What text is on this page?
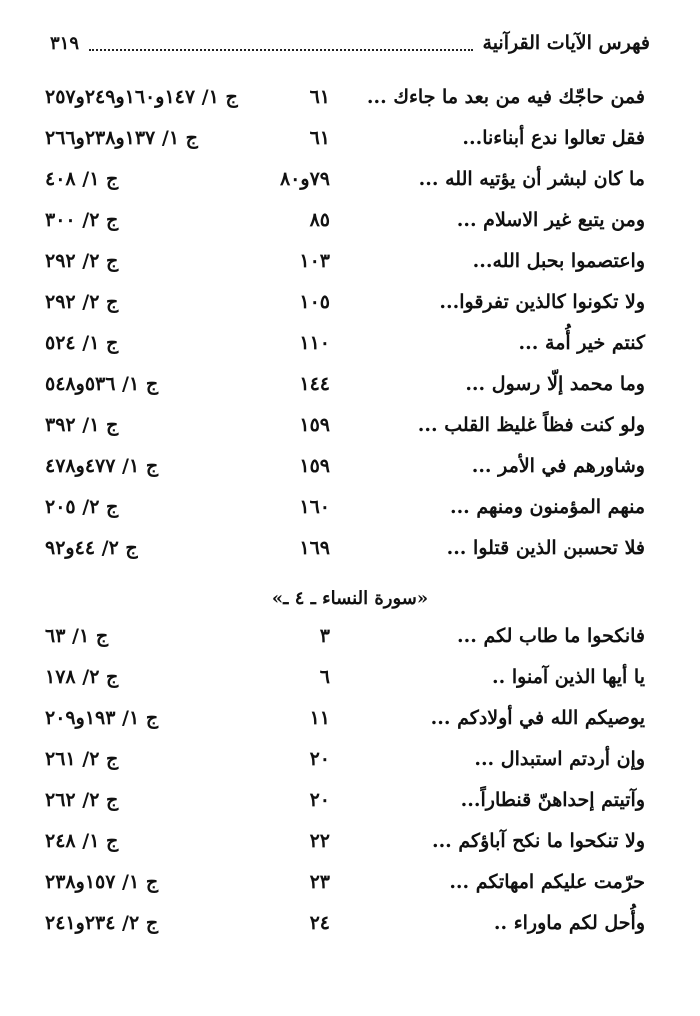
فهرس الآيات القرآنية
٣١٩
فمن حاجّك فيه من بعد ما جاءك ...
٦١
ج ١/ ١٤٧و١٦٠و٢٤٩و٢٥٧
فقل تعالوا ندع أبناءنا...
٦١
ج ١/ ١٣٧و٢٣٨و٢٦٦
ما كان لبشر أن يؤتيه الله ...
٧٩و٨٠
ج ١/ ٤٠٨
ومن يتبع غير الاسلام ...
٨٥
ج ٢/ ٣٠٠
واعتصموا بحبل الله...
١٠٣
ج ٢/ ٢٩٢
ولا تكونوا كالذين تفرقوا...
١٠٥
ج ٢/ ٢٩٢
كنتم خير أُمة ...
١١٠
ج ١/ ٥٢٤
وما محمد إلّا رسول ...
١٤٤
ج ١/ ٥٣٦و٥٤٨
ولو كنت فظاً غليظ القلب ...
١٥٩
ج ١/ ٣٩٢
وشاورهم في الأمر ...
١٥٩
ج ١/ ٤٧٧و٤٧٨
منهم المؤمنون ومنهم ...
١٦٠
ج ٢/ ٢٠٥
فلا تحسبن الذين قتلوا ...
١٦٩
ج ٢/ ٤٤و٩٢
«سورة النساء ـ ٤ ـ»
فانكحوا ما طاب لكم ...
٣
ج ١/ ٦٣
يا أيها الذين آمنوا ..
٦
ج ٢/ ١٧٨
يوصيكم الله في أولادكم ...
١١
ج ١/ ١٩٣و٢٠٩
وإن أردتم استبدال ...
٢٠
ج ٢/ ٢٦١
وآتيتم إحداهنّ قنطاراً...
٢٠
ج ٢/ ٢٦٢
ولا تنكحوا ما نكح آباؤكم ...
٢٢
ج ١/ ٢٤٨
حرّمت عليكم امهاتكم ...
٢٣
ج ١/ ١٥٧و٢٣٨
وأُحل لكم ماوراء ..
٢٤
ج ٢/ ٢٣٤و٢٤١
